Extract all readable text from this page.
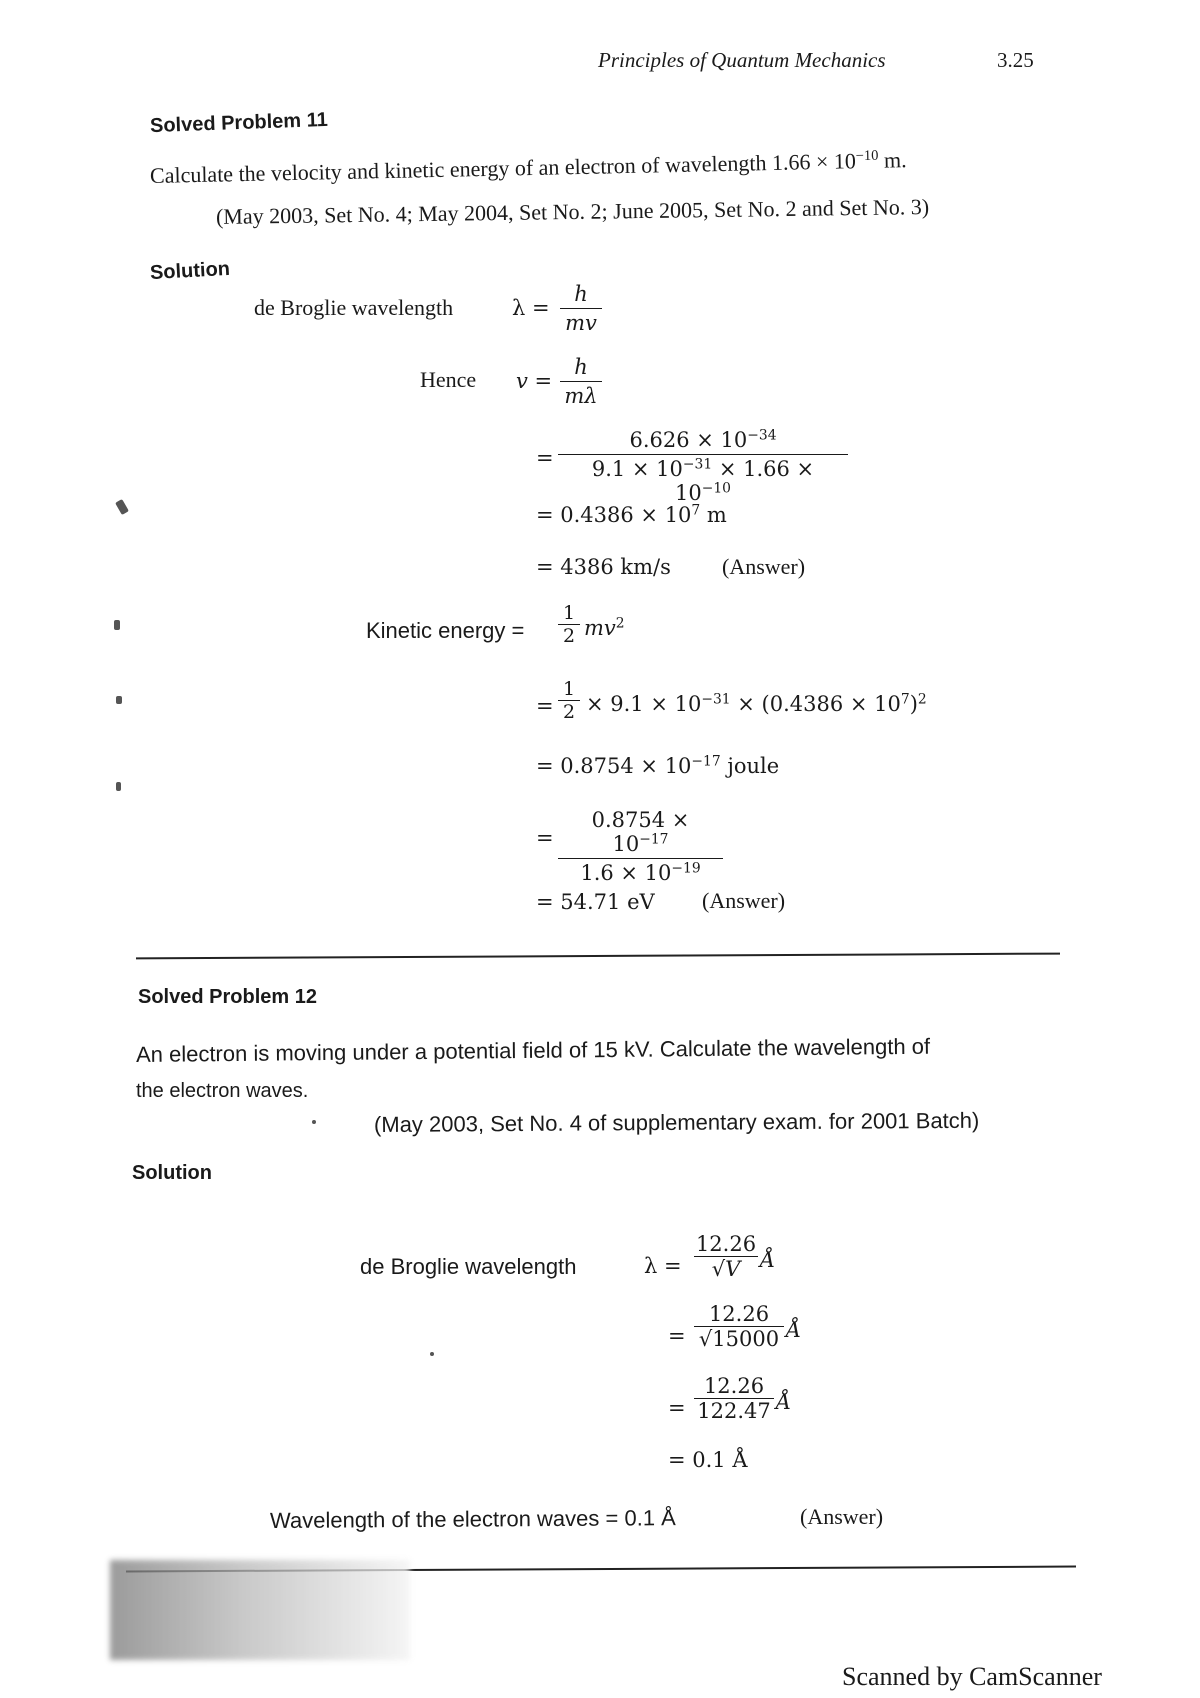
Principles of Quantum Mechanics	3.25
Solved Problem 11
Calculate the velocity and kinetic energy of an electron of wavelength $1.66 \times 10^{-10}$ m.
(May 2003, Set No. 4; May 2004, Set No. 2; June 2005, Set No. 2 and Set No. 3)
Solution
de Broglie wavelength	λ =
h
mv
Hence v =
h
mλ
=
$6.626 \times 10^{-34}$
$9.1 \times 10^{-31} \times 1.66 \times 10^{-10}$
= $0.4386 \times 10^7$ m
= 4386 km/s (Answer)
Kinetic energy =
1
2 $mv^2$
=
1
$2 \times 9.1 \times 10^{-31} \times (0.4386 \times 10^7)^2$
= $0.8754 \times 10^{-17}$ joule
=
$0.8754 \times 10^{-17}$
$1.6 \times 10^{-19}$
= 54.71 eV (Answer)
Solved Problem 12
An electron is moving under a potential field of 15 kV. Calculate the wavelength of
the electron waves.
(May 2003, Set No. 4 of supplementary exam. for 2001 Batch)
Solution
de Broglie wavelength	λ =
12.26
√V Å
=
12.26
√15000 Å
=
12.26
122.47 Å
= 0.1 Å
Wavelength of the electron waves = 0.1 Å	(Answer)
Scanned by CamScanner
